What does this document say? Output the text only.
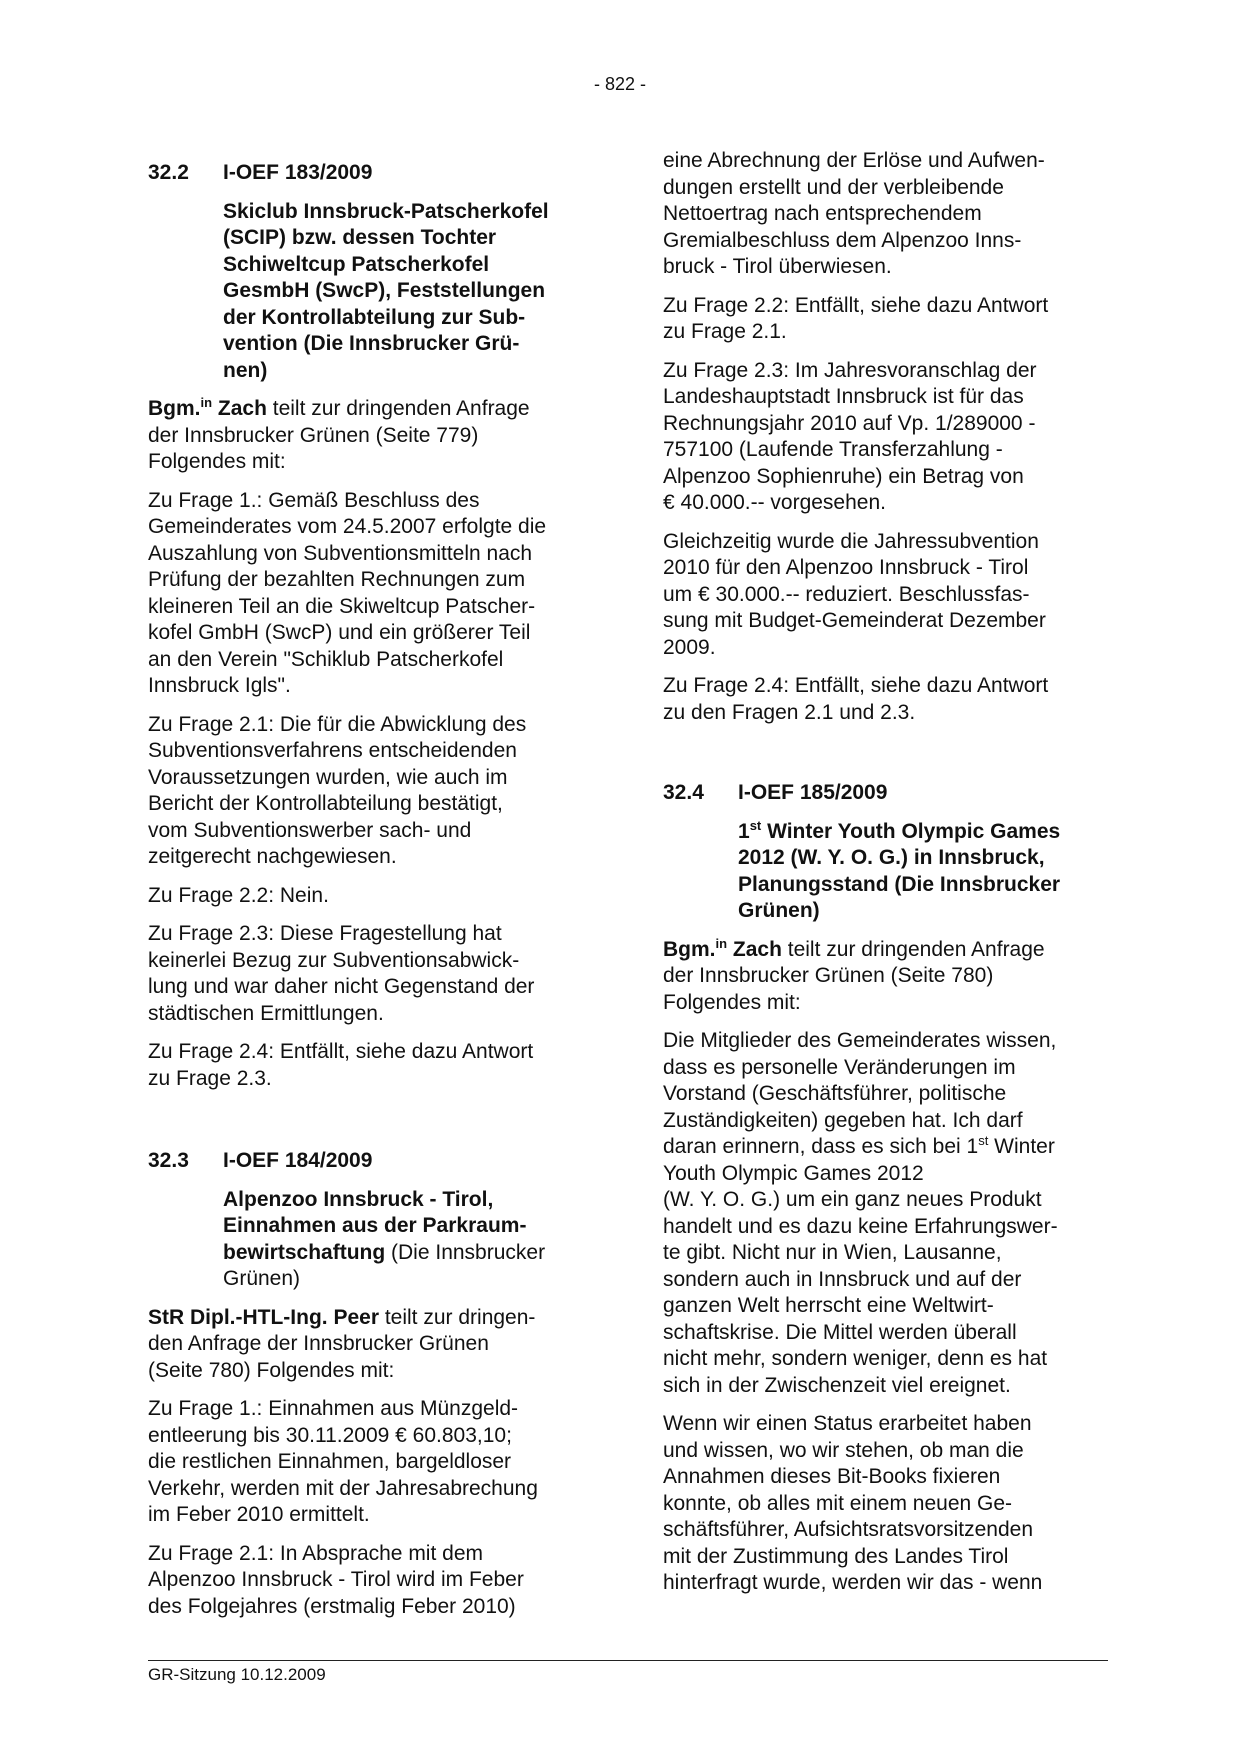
- 822 -
32.2	I-OEF 183/2009
Skiclub Innsbruck-Patscherkofel
(SCIP) bzw. dessen Tochter
Schiweltcup Patscherkofel
GesmbH (SwcP), Feststellungen
der Kontrollabteilung zur Sub-
vention (Die Innsbrucker Grü-
nen)

Bgm.$^{in}$ Zach teilt zur dringenden Anfrage
der Innsbrucker Grünen (Seite 779)
Folgendes mit:

Zu Frage 1.: Gemäß Beschluss des
Gemeinderates vom 24.5.2007 erfolgte die
Auszahlung von Subventionsmitteln nach
Prüfung der bezahlten Rechnungen zum
kleineren Teil an die Skiweltcup Patscher-
kofel GmbH (SwcP) und ein größerer Teil
an den Verein "Schiklub Patscherkofel
Innsbruck Igls".

Zu Frage 2.1: Die für die Abwicklung des
Subventionsverfahrens entscheidenden
Voraussetzungen wurden, wie auch im
Bericht der Kontrollabteilung bestätigt,
vom Subventionswerber sach- und
zeitgerecht nachgewiesen.

Zu Frage 2.2: Nein.

Zu Frage 2.3: Diese Fragestellung hat
keinerlei Bezug zur Subventionsabwick-
lung und war daher nicht Gegenstand der
städtischen Ermittlungen.

Zu Frage 2.4: Entfällt, siehe dazu Antwort
zu Frage 2.3.

32.3	I-OEF 184/2009
Alpenzoo Innsbruck - Tirol,
Einnahmen aus der Parkraum-
bewirtschaftung (Die Innsbrucker
Grünen)

StR Dipl.-HTL-Ing. Peer teilt zur dringen-
den Anfrage der Innsbrucker Grünen
(Seite 780) Folgendes mit:

Zu Frage 1.: Einnahmen aus Münzgeld-
entleerung bis 30.11.2009 € 60.803,10;
die restlichen Einnahmen, bargeldloser
Verkehr, werden mit der Jahresabrechung
im Feber 2010 ermittelt.

Zu Frage 2.1: In Absprache mit dem
Alpenzoo Innsbruck - Tirol wird im Feber
des Folgejahres (erstmalig Feber 2010)

eine Abrechnung der Erlöse und Aufwen-
dungen erstellt und der verbleibende
Nettoertrag nach entsprechendem
Gremialbeschluss dem Alpenzoo Inns-
bruck - Tirol überwiesen.

Zu Frage 2.2: Entfällt, siehe dazu Antwort
zu Frage 2.1.

Zu Frage 2.3: Im Jahresvoranschlag der
Landeshauptstadt Innsbruck ist für das
Rechnungsjahr 2010 auf Vp. 1/289000 -
757100 (Laufende Transferzahlung -
Alpenzoo Sophienruhe) ein Betrag von
€ 40.000.-- vorgesehen.

Gleichzeitig wurde die Jahressubvention
2010 für den Alpenzoo Innsbruck - Tirol
um € 30.000.-- reduziert. Beschlussfas-
sung mit Budget-Gemeinderat Dezember
2009.

Zu Frage 2.4: Entfällt, siehe dazu Antwort
zu den Fragen 2.1 und 2.3.

32.4	I-OEF 185/2009
1st Winter Youth Olympic Games
2012 (W. Y. O. G.) in Innsbruck,
Planungsstand (Die Innsbrucker
Grünen)

Bgm.$^{in}$ Zach teilt zur dringenden Anfrage
der Innsbrucker Grünen (Seite 780)
Folgendes mit:

Die Mitglieder des Gemeinderates wissen,
dass es personelle Veränderungen im
Vorstand (Geschäftsführer, politische
Zuständigkeiten) gegeben hat. Ich darf
daran erinnern, dass es sich bei 1st Winter
Youth Olympic Games 2012
(W. Y. O. G.) um ein ganz neues Produkt
handelt und es dazu keine Erfahrungswer-
te gibt. Nicht nur in Wien, Lausanne,
sondern auch in Innsbruck und auf der
ganzen Welt herrscht eine Weltwirt-
schaftskrise. Die Mittel werden überall
nicht mehr, sondern weniger, denn es hat
sich in der Zwischenzeit viel ereignet.

Wenn wir einen Status erarbeitet haben
und wissen, wo wir stehen, ob man die
Annahmen dieses Bit-Books fixieren
konnte, ob alles mit einem neuen Ge-
schäftsführer, Aufsichtsratsvorsitzenden
mit der Zustimmung des Landes Tirol
hinterfragt wurde, werden wir das - wenn

GR-Sitzung 10.12.2009
